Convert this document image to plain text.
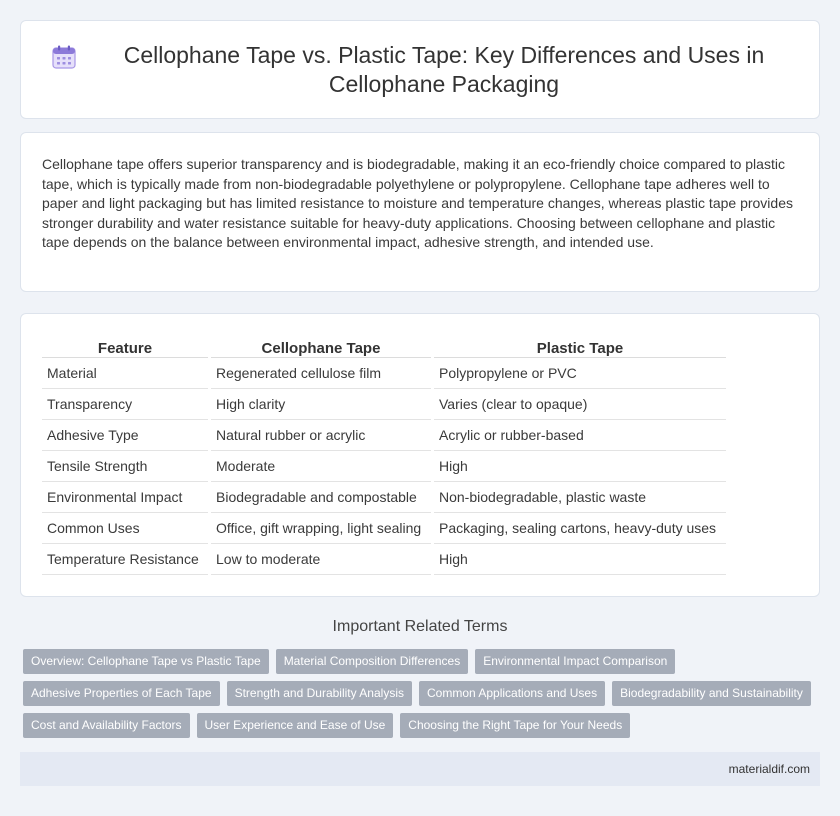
Cellophane Tape vs. Plastic Tape: Key Differences and Uses in Cellophane Packaging

Cellophane tape offers superior transparency and is biodegradable, making it an eco-friendly choice compared to plastic tape, which is typically made from non-biodegradable polyethylene or polypropylene. Cellophane tape adheres well to paper and light packaging but has limited resistance to moisture and temperature changes, whereas plastic tape provides stronger durability and water resistance suitable for heavy-duty applications. Choosing between cellophane and plastic tape depends on the balance between environmental impact, adhesive strength, and intended use.

Feature	Cellophane Tape	Plastic Tape
Material	Regenerated cellulose film	Polypropylene or PVC
Transparency	High clarity	Varies (clear to opaque)
Adhesive Type	Natural rubber or acrylic	Acrylic or rubber-based
Tensile Strength	Moderate	High
Environmental Impact	Biodegradable and compostable	Non-biodegradable, plastic waste
Common Uses	Office, gift wrapping, light sealing	Packaging, sealing cartons, heavy-duty uses
Temperature Resistance	Low to moderate	High
Important Related Terms
Overview: Cellophane Tape vs Plastic Tape	Material Composition Differences	Environmental Impact Comparison
Adhesive Properties of Each Tape	Strength and Durability Analysis	Common Applications and Uses	Biodegradability and Sustainability
Cost and Availability Factors	User Experience and Ease of Use	Choosing the Right Tape for Your Needs
materialdif.com
